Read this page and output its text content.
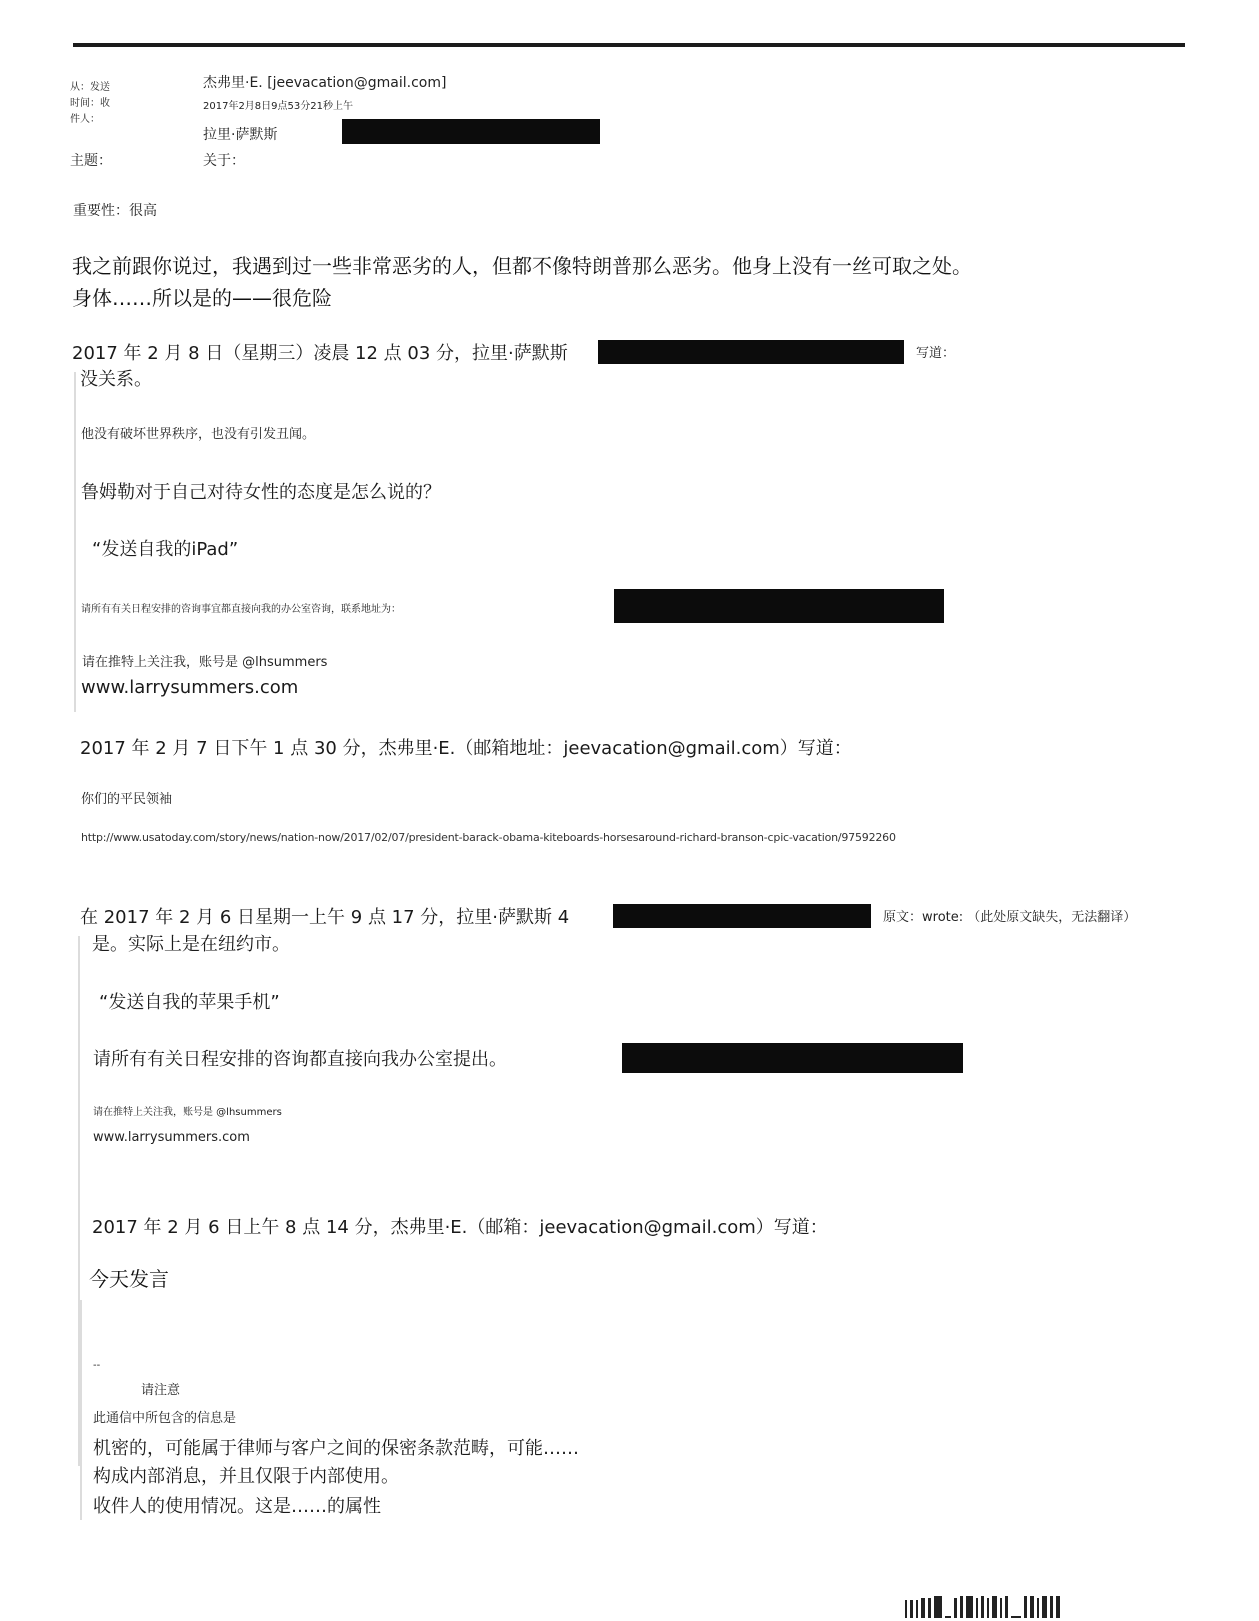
从：发送
时间：收
件人：
主题：
杰弗里·E. [jeevacation@gmail.com]
2017年2月8日9点53分21秒上午
拉里·萨默斯
关于：
重要性：很高
我之前跟你说过，我遇到过一些非常恶劣的人，但都不像特朗普那么恶劣。他身上没有一丝可取之处。
身体……所以是的——很危险
2017 年 2 月 8 日（星期三）凌晨 12 点 03 分，拉里·萨默斯	写道：
没关系。
他没有破坏世界秩序，也没有引发丑闻。
鲁姆勒对于自己对待女性的态度是怎么说的？
“发送自我的iPad”
请所有有关日程安排的咨询事宜都直接向我的办公室咨询，联系地址为：
请在推特上关注我，账号是 @lhsummers
www.larrysummers.com
2017 年 2 月 7 日下午 1 点 30 分，杰弗里·E.（邮箱地址：jeevacation@gmail.com）写道：
你们的平民领袖
http://www.usatoday.com/story/news/nation-now/2017/02/07/president-barack-obama-kiteboards-horsesaround-richard-branson-cpic-vacation/97592260
在 2017 年 2 月 6 日星期一上午 9 点 17 分，拉里·萨默斯 4	原文：wrote: （此处原文缺失，无法翻译）
是。实际上是在纽约市。
“发送自我的苹果手机”
请所有有关日程安排的咨询都直接向我办公室提出。
请在推特上关注我，账号是 @lhsummers
www.larrysummers.com
2017 年 2 月 6 日上午 8 点 14 分，杰弗里·E.（邮箱：jeevacation@gmail.com）写道：
今天发言
--
请注意
此通信中所包含的信息是
机密的，可能属于律师与客户之间的保密条款范畴，可能……
构成内部消息，并且仅限于内部使用。
收件人的使用情况。这是……的属性
